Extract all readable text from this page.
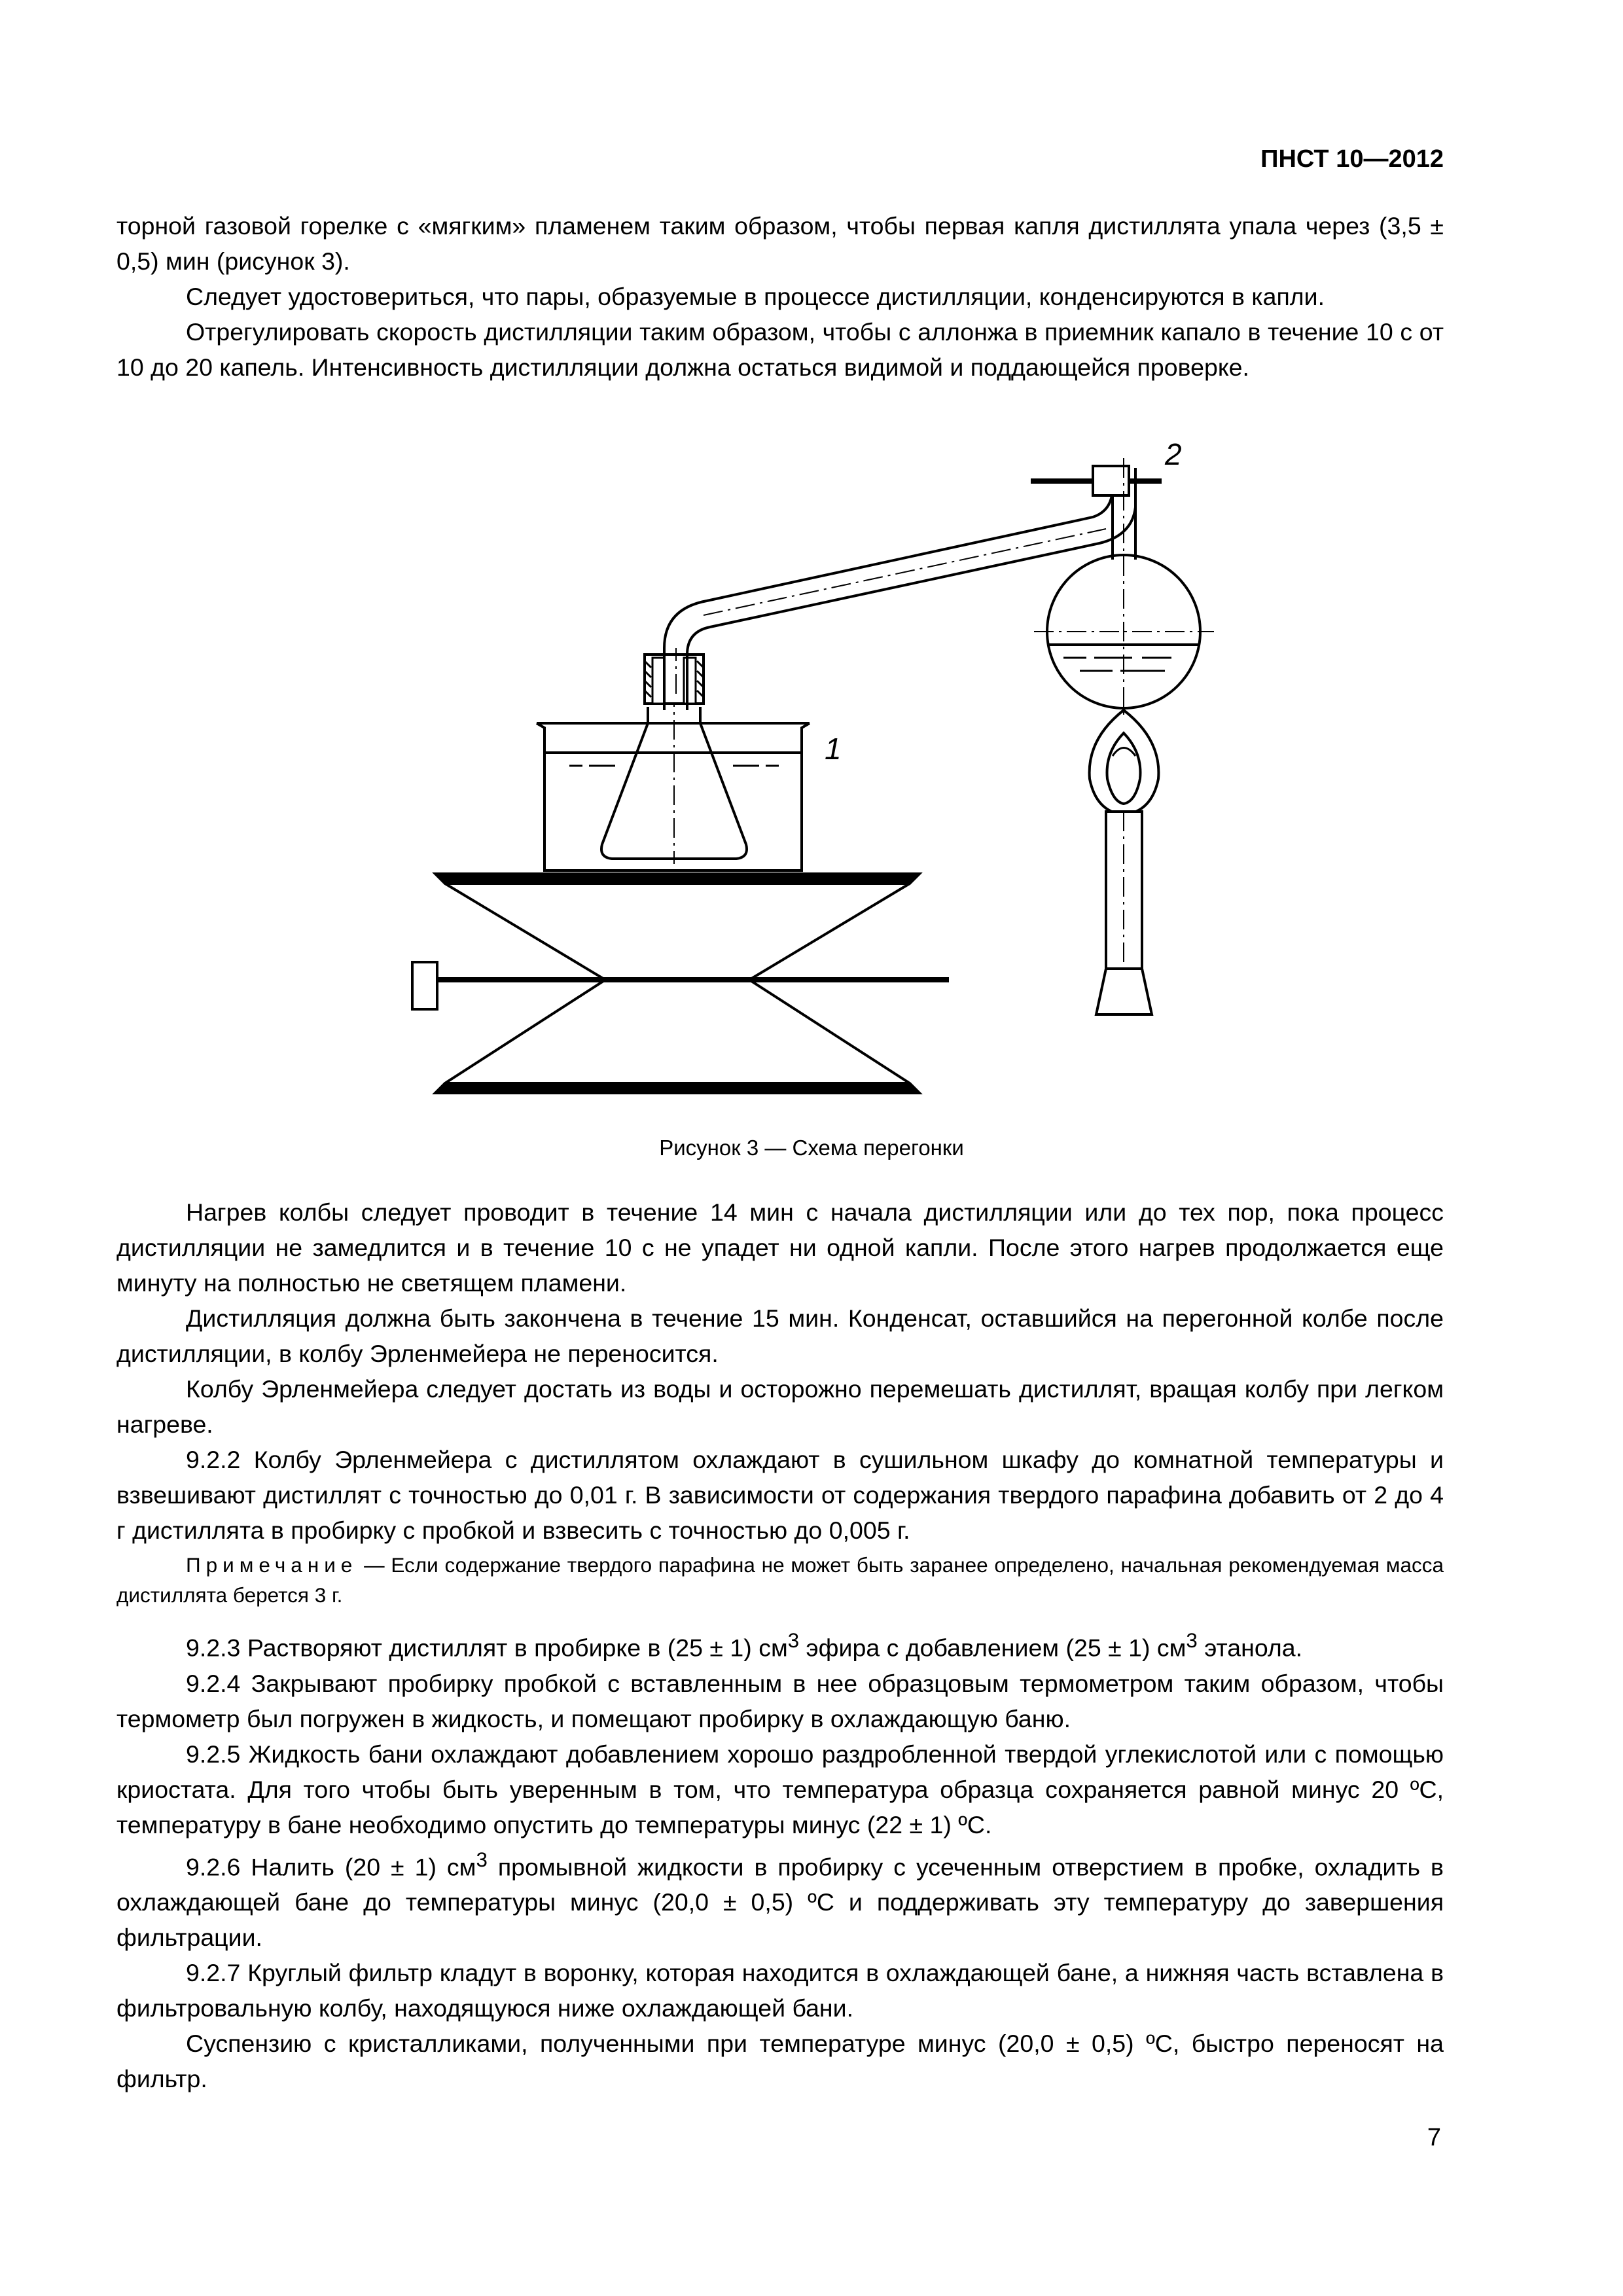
ПНСТ 10—2012

торной газовой горелке с «мягким» пламенем таким образом, чтобы первая капля дистиллята упала через (3,5 ± 0,5) мин (рисунок 3).

Следует удостовериться, что пары, образуемые в процессе дистилляции, конденсируются в капли.

Отрегулировать скорость дистилляции таким образом, чтобы с аллонжа в приемник капало в течение 10 с от 10 до 20 капель. Интенсивность дистилляции должна остаться видимой и поддающейся проверке.

1
2
Рисунок 3 — Схема перегонки

Нагрев колбы следует проводит в течение 14 мин с начала дистилляции или до тех пор, пока процесс дистилляции не замедлится и в течение 10 с не упадет ни одной капли. После этого нагрев продолжается еще минуту на полностью не светящем пламени.

Дистилляция должна быть закончена в течение 15 мин. Конденсат, оставшийся на перегонной колбе после дистилляции, в колбу Эрленмейера не переносится.

Колбу Эрленмейера следует достать из воды и осторожно перемешать дистиллят, вращая колбу при легком нагреве.

9.2.2 Колбу Эрленмейера с дистиллятом охлаждают в сушильном шкафу до комнатной температуры и взвешивают дистиллят с точностью до 0,01 г. В зависимости от содержания твердого парафина добавить от 2 до 4 г дистиллята в пробирку с пробкой и взвесить с точностью до 0,005 г.

Примечание — Если содержание твердого парафина не может быть заранее определено, начальная рекомендуемая масса дистиллята берется 3 г.

9.2.3 Растворяют дистиллят в пробирке в (25 ± 1) $см^3$ эфира с добавлением (25 ± 1) $см^3$ этанола.

9.2.4 Закрывают пробирку пробкой с вставленным в нее образцовым термометром таким образом, чтобы термометр был погружен в жидкость, и помещают пробирку в охлаждающую баню.

9.2.5 Жидкость бани охлаждают добавлением хорошо раздробленной твердой углекислотой или с помощью криостата. Для того чтобы быть уверенным в том, что температура образца сохраняется равной минус 20 ºС, температуру в бане необходимо опустить до температуры минус (22 ± 1) ºС.

9.2.6 Налить (20 ± 1) $см^3$ промывной жидкости в пробирку с усеченным отверстием в пробке, охладить в охлаждающей бане до температуры минус (20,0 ± 0,5) ºС и поддерживать эту температуру до завершения фильтрации.

9.2.7 Круглый фильтр кладут в воронку, которая находится в охлаждающей бане, а нижняя часть вставлена в фильтровальную колбу, находящуюся ниже охлаждающей бани.

Суспензию с кристалликами, полученными при температуре минус (20,0 ± 0,5) ºС, быстро переносят на фильтр.

7
